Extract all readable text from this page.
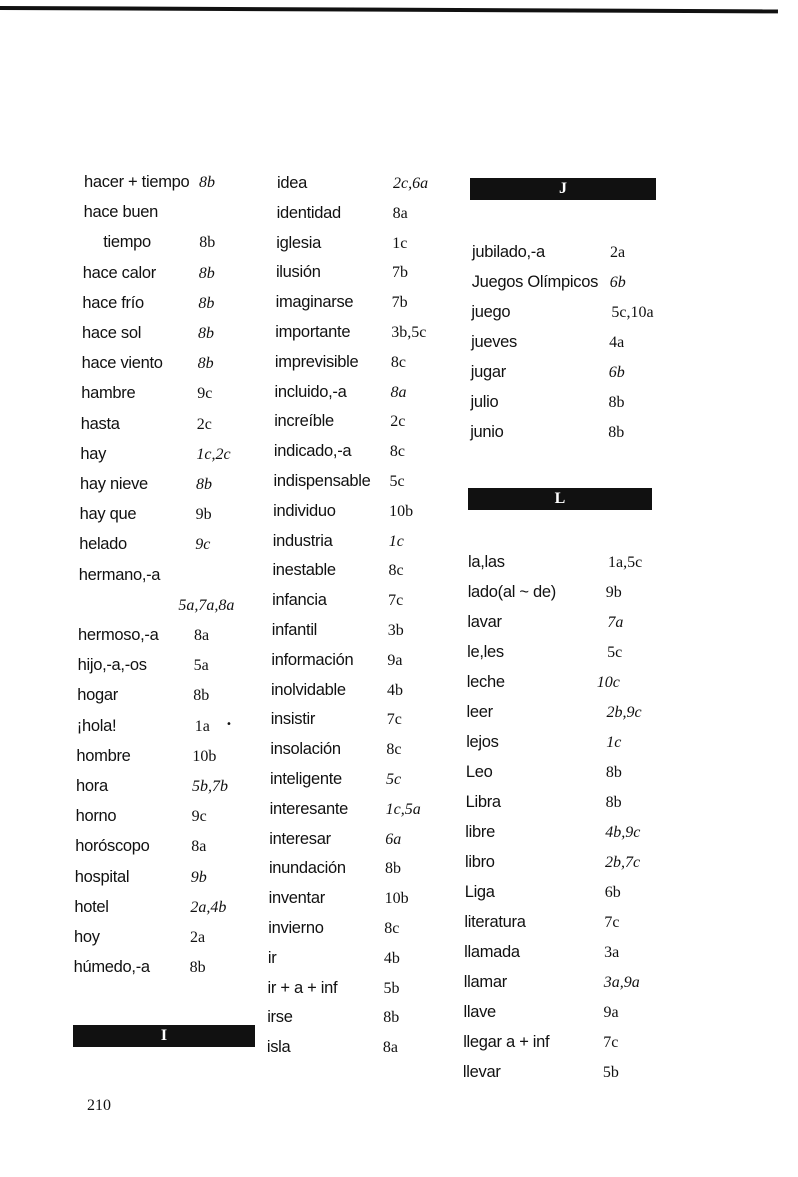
hacer + tiempo 8b
hace buen
tiempo	8b
hace calor	8b
hace frío	8b
hace sol	8b
hace viento 8b
hambre	9c
hasta	2c
hay	1c,2c
hay nieve	8b
hay que	9b
helado	9c
hermano,-a
5a,7a,8a
hermoso,-a 8a
hijo,-a,-os	5a
hogar	8b
¡hola!	1a
hombre	10b
hora	5b,7b
horno	9c
horóscopo	8a
hospital	9b
hotel	2a,4b
hoy	2a
húmedo,-a 8b
idea	2c,6a
identidad	8a
iglesia	1c
ilusión	7b
imaginarse 7b
importante	3b,5c
imprevisible 8c
incluido,-a	8a
increíble	2c
indicado,-a 8c
indispensable 5c
individuo	10b
industria	1c
inestable	8c
infancia	7c
infantil	3b
información 9a
inolvidable	4b
insistir	7c
insolación	8c
inteligente	5c
interesante 1c,5a
interesar	6a
inundación 8b
inventar	10b
invierno	8c
ir	4b
ir + a + inf	5b
irse	8b
isla	8a
jubilado,-a	2a
Juegos Olímpicos 6b
juego	5c,10a
jueves	4a
jugar	6b
julio	8b
junio	8b
la,las	1a,5c
lado(al ~ de)	9b
lavar	7a
le,les	5c
leche	10c
leer	2b,9c
lejos	1c
Leo	8b
Libra	8b
libre	4b,9c
libro	2b,7c
Liga	6b
literatura	7c
llamada	3a
llamar	3a,9a
llave	9a
llegar a + inf	7c
llevar	5b
I
J
L
•
210
